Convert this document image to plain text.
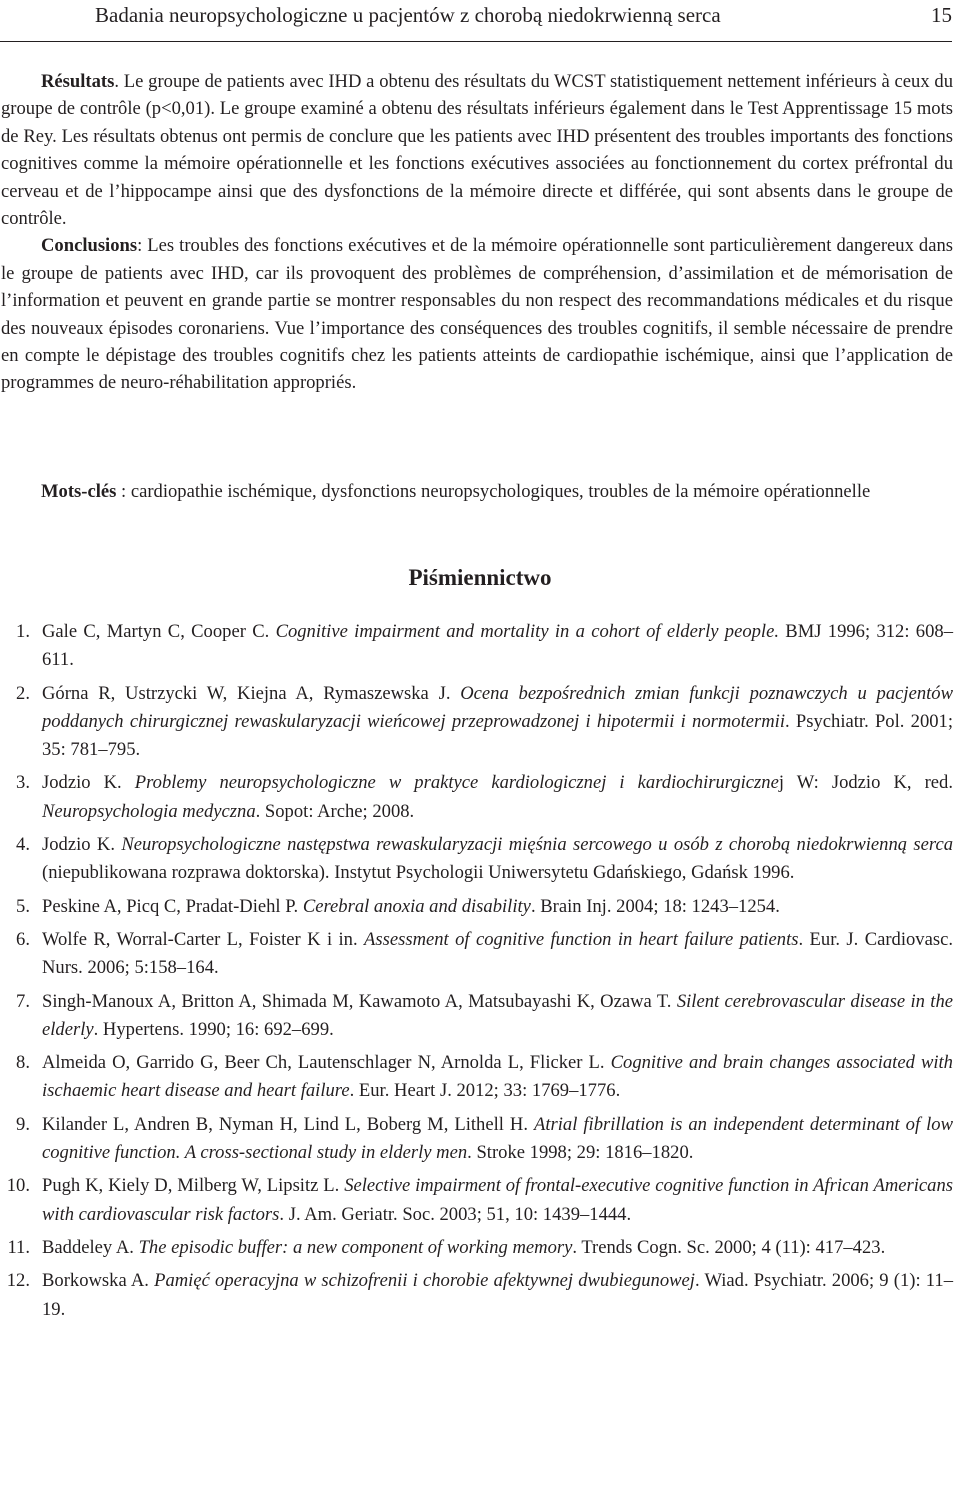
Badania neuropsychologiczne u pacjentów z chorobą niedokrwienną serca	15

Résultats. Le groupe de patients avec IHD a obtenu des résultats du WCST statistiquement nettement inférieurs à ceux du groupe de contrôle (p<0,01). Le groupe examiné a obtenu des résultats inférieurs également dans le Test Apprentissage 15 mots de Rey. Les résultats obtenus ont permis de conclure que les patients avec IHD présentent des troubles importants des fonctions cognitives comme la mémoire opérationnelle et les fonctions exécutives associées au fonctionnement du cortex préfrontal du cerveau et de l’hippocampe ainsi que des dysfonctions de la mémoire directe et différée, qui sont absents dans le groupe de contrôle.

Conclusions: Les troubles des fonctions exécutives et de la mémoire opérationnelle sont particulièrement dangereux dans le groupe de patients avec IHD, car ils provoquent des problèmes de compréhension, d’assimilation et de mémorisation de l’information et peuvent en grande partie se montrer responsables du non respect des recommandations médicales et du risque des nouveaux épisodes coronariens. Vue l’importance des conséquences des troubles cognitifs, il semble nécessaire de prendre en compte le dépistage des troubles cognitifs chez les patients atteints de cardiopathie ischémique, ainsi que l’application de programmes de neuro-réhabilitation appropriés.

Mots-clés : cardiopathie ischémique, dysfonctions neuropsychologiques, troubles de la mémoire opérationnelle
Piśmiennictwo
1. Gale C, Martyn C, Cooper C. Cognitive impairment and mortality in a cohort of elderly people. BMJ 1996; 312: 608–611.
2. Górna R, Ustrzycki W, Kiejna A, Rymaszewska J. Ocena bezpośrednich zmian funkcji poznawczych u pacjentów poddanych chirurgicznej rewaskularyzacji wieńcowej przeprowadzonej i hipotermii i normotermii. Psychiatr. Pol. 2001; 35: 781–795.
3. Jodzio K. Problemy neuropsychologiczne w praktyce kardiologicznej i kardiochirurgicznej W: Jodzio K, red. Neuropsychologia medyczna. Sopot: Arche; 2008.
4. Jodzio K. Neuropsychologiczne następstwa rewaskularyzacji mięśnia sercowego u osób z chorobą niedokrwienną serca (niepublikowana rozprawa doktorska). Instytut Psychologii Uniwersytetu Gdańskiego, Gdańsk 1996.
5. Peskine A, Picq C, Pradat-Diehl P. Cerebral anoxia and disability. Brain Inj. 2004; 18: 1243–1254.
6. Wolfe R, Worral-Carter L, Foister K i in. Assessment of cognitive function in heart failure patients. Eur. J. Cardiovasc. Nurs. 2006; 5:158–164.
7. Singh-Manoux A, Britton A, Shimada M, Kawamoto A, Matsubayashi K, Ozawa T. Silent cerebrovascular disease in the elderly. Hypertens. 1990; 16: 692–699.
8. Almeida O, Garrido G, Beer Ch, Lautenschlager N, Arnolda L, Flicker L. Cognitive and brain changes associated with ischaemic heart disease and heart failure. Eur. Heart J. 2012; 33: 1769–1776.
9. Kilander L, Andren B, Nyman H, Lind L, Boberg M, Lithell H. Atrial fibrillation is an independent determinant of low cognitive function. A cross-sectional study in elderly men. Stroke 1998; 29: 1816–1820.
10. Pugh K, Kiely D, Milberg W, Lipsitz L. Selective impairment of frontal-executive cognitive function in African Americans with cardiovascular risk factors. J. Am. Geriatr. Soc. 2003; 51, 10: 1439–1444.
11. Baddeley A. The episodic buffer: a new component of working memory. Trends Cogn. Sc. 2000; 4 (11): 417–423.
12. Borkowska A. Pamięć operacyjna w schizofrenii i chorobie afektywnej dwubiegunowej. Wiad. Psychiatr. 2006; 9 (1): 11–19.
